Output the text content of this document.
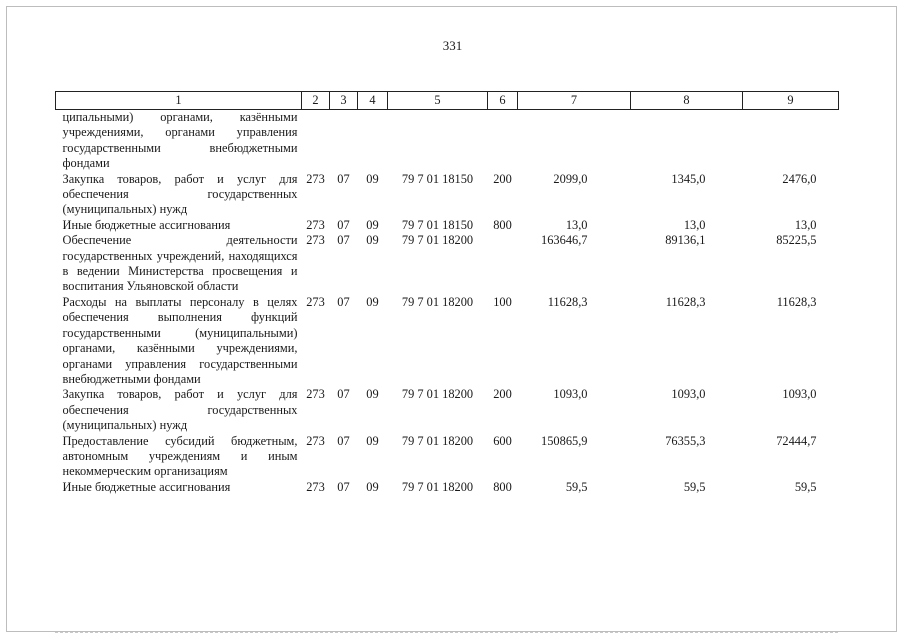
331
1	2	3	4	5	6	7	8	9
ципальными) органами, казёнными учреждениями, органами управления государственными внебюджетными фондами								
Закупка товаров, работ и услуг для обеспечения государственных (муниципальных) нужд	273	07	09	79 7 01 18150	200	2099,0	1345,0	2476,0
Иные бюджетные ассигнования	273	07	09	79 7 01 18150	800	13,0	13,0	13,0
Обеспечение деятельности государственных учреждений, находящихся в ведении Министерства просвещения и воспитания Ульяновской области	273	07	09	79 7 01 18200		163646,7	89136,1	85225,5
Расходы на выплаты персоналу в целях обеспечения выполнения функций государственными (муниципальными) органами, казёнными учреждениями, органами управления государственными внебюджетными фондами	273	07	09	79 7 01 18200	100	11628,3	11628,3	11628,3
Закупка товаров, работ и услуг для обеспечения государственных (муниципальных) нужд	273	07	09	79 7 01 18200	200	1093,0	1093,0	1093,0
Предоставление субсидий бюджетным, автономным учреждениям и иным некоммерческим организациям	273	07	09	79 7 01 18200	600	150865,9	76355,3	72444,7
Иные бюджетные ассигнования	273	07	09	79 7 01 18200	800	59,5	59,5	59,5
